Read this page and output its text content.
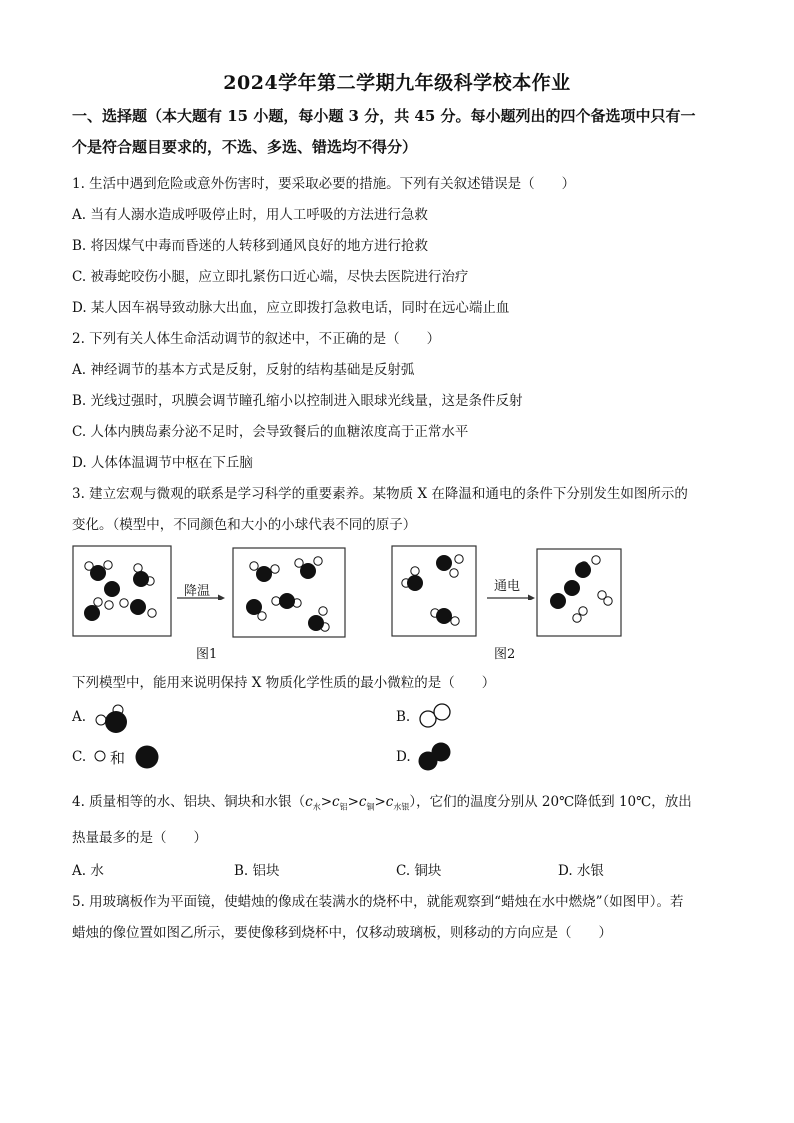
2024学年第二学期九年级科学校本作业
一、选择题（本大题有 15 小题，每小题 3 分，共 45 分。每小题列出的四个备选项中只有一
个是符合题目要求的，不选、多选、错选均不得分）
1. 生活中遇到危险或意外伤害时，要采取必要的措施。下列有关叙述错误是（　　）
A. 当有人溺水造成呼吸停止时，用人工呼吸的方法进行急救
B. 将因煤气中毒而昏迷的人转移到通风良好的地方进行抢救
C. 被毒蛇咬伤小腿，应立即扎紧伤口近心端，尽快去医院进行治疗
D. 某人因车祸导致动脉大出血，应立即拨打急救电话，同时在远心端止血
2. 下列有关人体生命活动调节的叙述中，不正确的是（　　）
A. 神经调节的基本方式是反射，反射的结构基础是反射弧
B. 光线过强时，巩膜会调节瞳孔缩小以控制进入眼球光线量，这是条件反射
C. 人体内胰岛素分泌不足时，会导致餐后的血糖浓度高于正常水平
D. 人体体温调节中枢在下丘脑
3. 建立宏观与微观的联系是学习科学的重要素养。某物质 X 在降温和通电的条件下分别发生如图所示的
变化。（模型中，不同颜色和大小的小球代表不同的原子）
降温	通电
图1	图2
下列模型中，能用来说明保持 X 物质化学性质的最小微粒的是（　　）
A.	B.
C. 和	D.
4. 质量相等的水、铝块、铜块和水银$(c_水>c_铝>c_铜>c_{水银})$，它们的温度分别从 20℃降低到 10℃，放出
热量最多的是（　　）
A. 水	B. 铝块	C. 铜块	D. 水银
5. 用玻璃板作为平面镜，使蜡烛的像成在装满水的烧杯中，就能观察到“蜡烛在水中燃烧”（如图甲）。若
蜡烛的像位置如图乙所示，要使像移到烧杯中，仅移动玻璃板，则移动的方向应是（　　）
